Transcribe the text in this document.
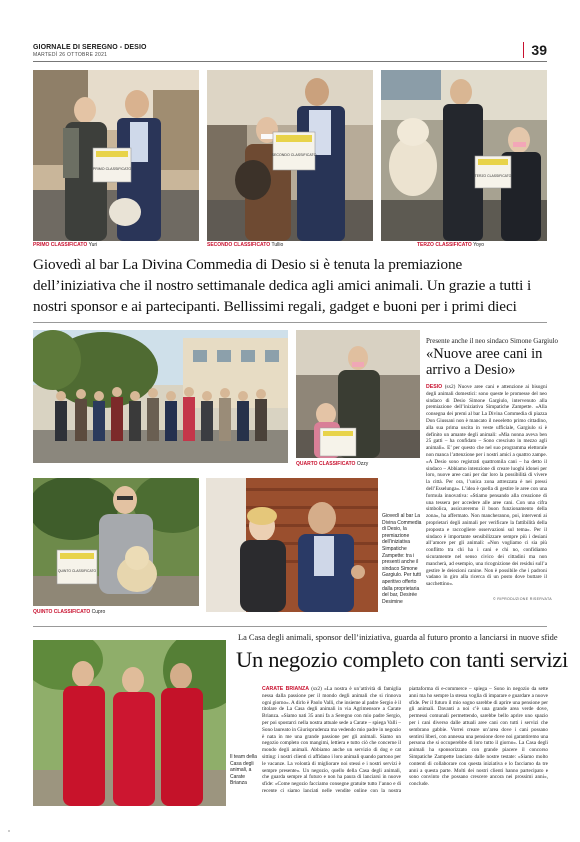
GIORNALE DI SEREGNO - DESIO
MARTEDÌ 26 OTTOBRE 2021	39
PRIMO CLASSIFICATO
PRIMO CLASSIFICATO Yuri
SECONDO CLASSIFICATO
SECONDO CLASSIFICATO Tullio
TERZO CLASSIFICATO
TERZO CLASSIFICATO Yoyo
Giovedì al bar La Divina Commedia di Desio si è tenuta la premiazione dell’iniziativa che il nostro settimanale dedica agli amici animali. Un grazie a tutti i nostri sponsor e ai partecipanti. Bellissimi regali, gadget e buoni per i primi dieci
QUARTO CLASSIFICATO Ozzy
QUINTO CLASSIFICATO
QUINTO CLASSIFICATO Cupro
Giovedì al bar La Divina Commedia di Desio, la premiazione dell’iniziativa Simpatiche Zampette: tra i presenti anche il sindaco Simone Gargiulo. Per tutti aperitivo offerto dalla proprietaria del bar, Desirée Desimine
Presente anche il neo sindaco Simone Gargiulo
«Nuove aree cani in arrivo a Desio»
DESIO (sx2) Nuove aree cani e attenzione ai bisogni degli animali domestici: sono queste le promesse del neo sindaco di Desio Simone Gargiulo, intervenuto alla premiazione dell’iniziativa Simpatiche Zampette. «Alla consegna dei premi al bar La Divina Commedia di piazza Don Giussani non è mancato il neoeletto primo cittadino, alla sua prima uscita in veste ufficiale, Gargiulo si è definito un amante degli animali: «Mia nonna aveva ben 25 gatti – ha confidato – Sono cresciuto in mezzo agli animali». E’ per questo che nel suo programma elettorale non manca l’attenzione per i nostri amici a quattro zampe. «A Desio sono registrati quattromila cani – ha detto il sindaco – Abbiamo intenzione di creare luoghi idonei per loro, nuove aree cani per dar loro la possibilità di vivere la città. Per ora, l’unica zona attrezzata è nei pressi dell’Esselunga». L’idea è quella di gestire le aree con una formula innovativa: «Stiamo pensando alla creazione di una tessera per accedere alle aree cani. Con una cifra simbolica, assicureremo il buon funzionamento della zona», ha affermato. Non mancheranno, poi, interventi ai proprietari degli animali per verificare la fattibilità della proposta e raccogliere osservazioni sul tema». Per il sindaco è importante sensibilizzare sempre più i desiani all’amore per gli animali: «Non vogliamo ci sia più conflitto tra chi ha i cani e chi no, confidiamo sicuramente nel senso civico dei cittadini ma non mancherà, ad esempio, una ricognizione dei residui sull’a gestire le deiezioni canine. Non è possibile che i padroni vadano in giro alla ricerca di un posto dove buttare il sacchettino».
© RIPRODUZIONE RISERVATA
La Casa degli animali, sponsor dell’iniziativa, guarda al futuro pronto a lanciarsi in nuove sfide
Un negozio completo con tanti servizi
Il team della Casa degli animali, a Carate Brianza
CARATE BRIANZA (sx2) «La nostra è un’attività di famiglia nessa dalla passione per il mondo degli animali che si rinnova ogni giorno». A dirlo è Paolo Valli, che insieme al padre Sergio è il titolare de La Casa degli animali in via Agrimensore a Carate Brianza. «Siamo nati 35 anni fa a Seregno con mio padre Sergio, per poi spostarci nella nostra attuale sede a Carate – spiega Valli – Sono laureato in Giurisprudenza ma vedendo mio padre in negozio è nata in me una grande passione per gli animali. Siamo un negozio completo con mangimi, lettiera e tutto ciò che concerne il mondo degli animali. Abbiamo anche un servizio di dog e cat sitting: i nostri clienti ci affidano i loro animali quando partono per le vacanze. La volontà di migliorare noi stessi e i nostri servizi è sempre presente». Un negozio, quello della Casa degli animali, che guarda sempre al futuro e non ha paura di lanciarsi in nuove sfide: «Come negozio facciamo consegne gratuite tutto l’anno e di recente ci siamo lanciati nelle vendite online con la nostra piattaforma di e-commerce – spiega – Sono in negozio da sette anni ma ho sempre la stessa voglia di imparare e guardare a nuove sfide. Per il futuro il mio sogno sarebbe di aprire una pensione per gli animali. Davanti a noi c’è una grande area verde dove, permessi comunali permettendo, sarebbe bello aprire uno spazio per i cani diverso dalle attuali aree cani con tutti i servizi che sembrano gabbie. Vorrei creare un’area dove i cani possano sentirsi liberi, con annessa una pensione dove noi garantiremo una persona che si occuperebbe di loro tutto il giorno». La Casa degli animali ha sponsorizzato con grande piacere il concorso Simpatiche Zampette lanciato dalle nostre testate: «Siamo molto contenti di collaborare con questa iniziativa e lo facciamo da tre anni a questa parte. Molti dei nostri clienti hanno partecipato e sono convinto che possano crescere ancora nei prossimi anni», conclude.
